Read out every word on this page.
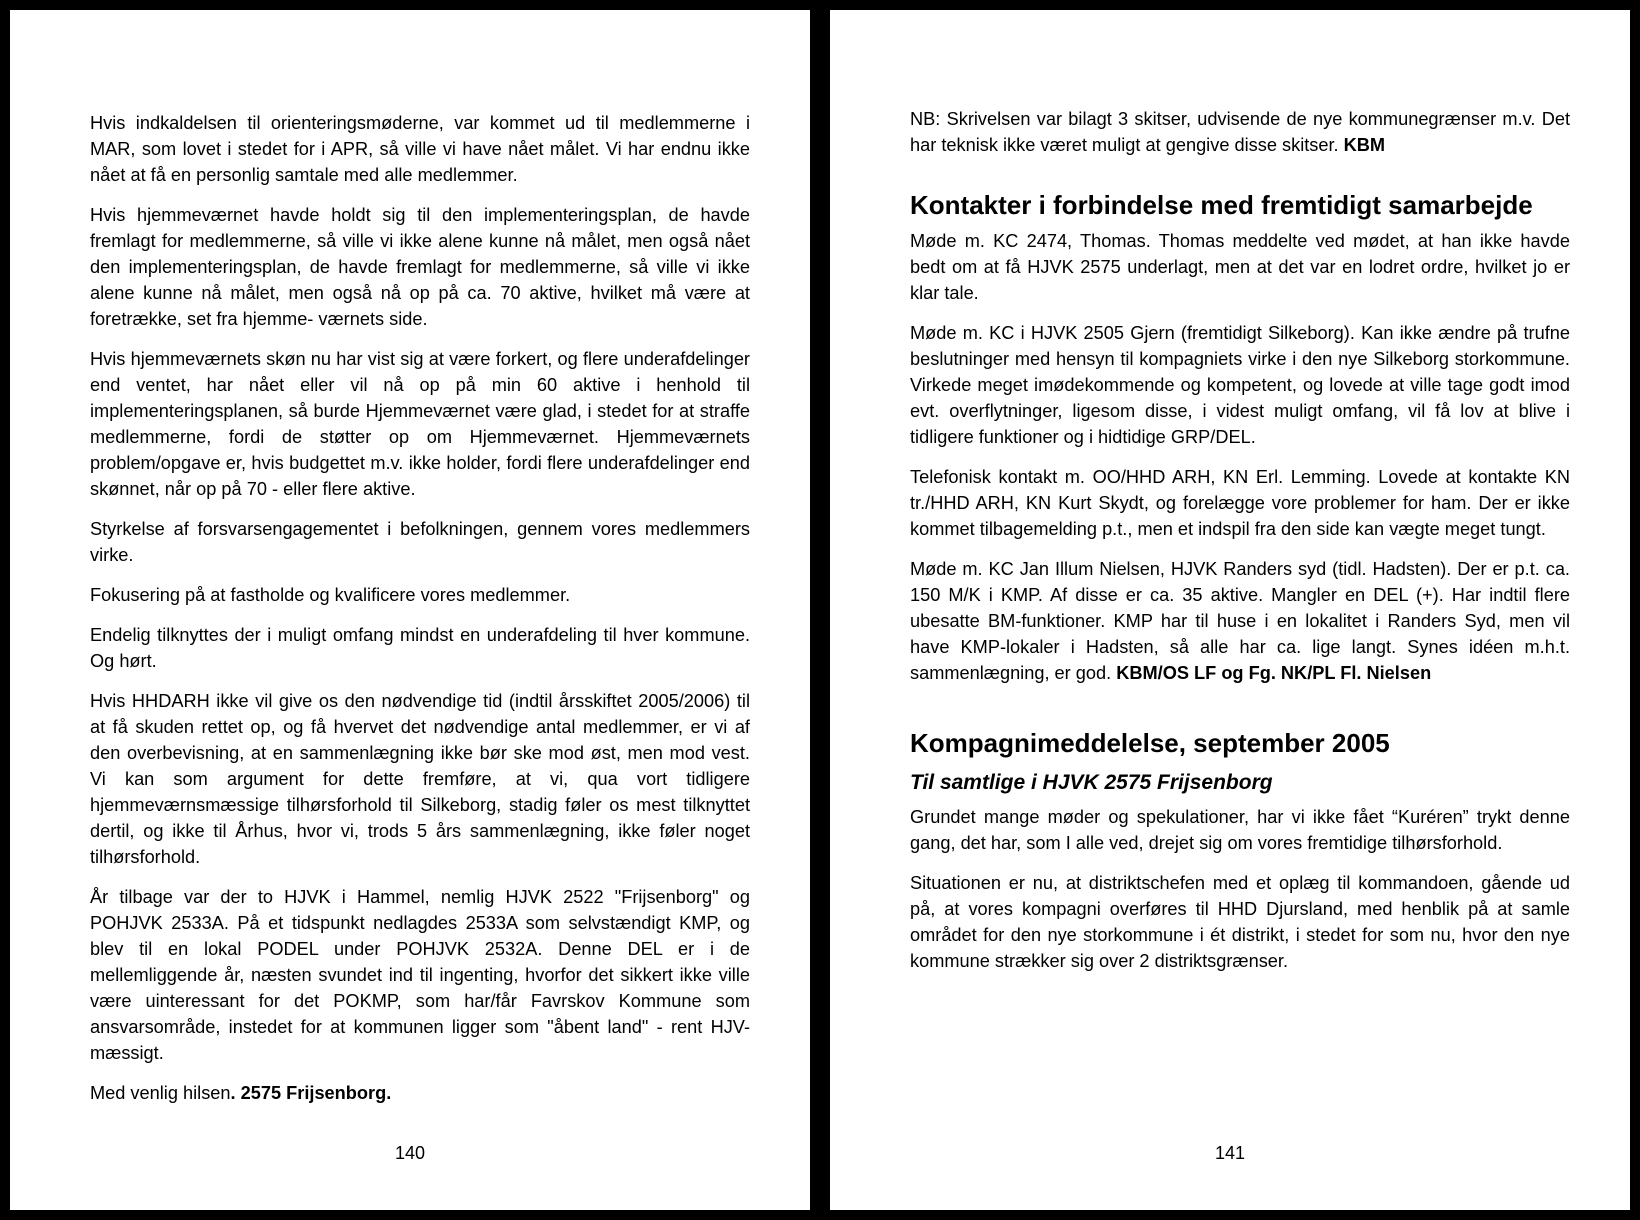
Hvis indkaldelsen til orienteringsmøderne, var kommet ud til medlemmerne i MAR, som lovet i stedet for i APR, så ville vi have nået målet. Vi har endnu ikke nået at få en personlig samtale med alle medlemmer.

Hvis hjemmeværnet havde holdt sig til den implementeringsplan, de havde fremlagt for medlemmerne, så ville vi ikke alene kunne nå målet, men også nået den implementeringsplan, de havde fremlagt for medlemmerne, så ville vi ikke alene kunne nå målet, men også nå op på ca. 70 aktive, hvilket må være at foretrække, set fra hjemme- værnets side.

Hvis hjemmeværnets skøn nu har vist sig at være forkert, og flere underafdelinger end ventet, har nået eller vil nå op på min 60 aktive i henhold til implementeringsplanen, så burde Hjemmeværnet være glad, i stedet for at straffe medlemmerne, fordi de støtter op om Hjemmeværnet. Hjemmeværnets problem/opgave er, hvis budgettet m.v. ikke holder, fordi flere underafdelinger end skønnet, når op på 70 - eller flere aktive.

Styrkelse af forsvarsengagementet i befolkningen, gennem vores medlemmers virke.

Fokusering på at fastholde og kvalificere vores medlemmer.

Endelig tilknyttes der i muligt omfang mindst en underafdeling til hver kommune. Og hørt.

Hvis HHDARH ikke vil give os den nødvendige tid (indtil årsskiftet 2005/2006) til at få skuden rettet op, og få hvervet det nødvendige antal medlemmer, er vi af den overbevisning, at en sammenlægning ikke bør ske mod øst, men mod vest. Vi kan som argument for dette fremføre, at vi, qua vort tidligere hjemmeværnsmæssige tilhørsforhold til Silkeborg, stadig føler os mest tilknyttet dertil, og ikke til Århus, hvor vi, trods 5 års sammenlægning, ikke føler noget tilhørsforhold.

År tilbage var der to HJVK i Hammel, nemlig HJVK 2522 "Frijsenborg" og POHJVK 2533A. På et tidspunkt nedlagdes 2533A som selvstændigt KMP, og blev til en lokal PODEL under POHJVK 2532A. Denne DEL er i de mellemliggende år, næsten svundet ind til ingenting, hvorfor det sikkert ikke ville være uinteressant for det POKMP, som har/får Favrskov Kommune som ansvarsområde, instedet for at kommunen ligger som "åbent land" - rent HJV-mæssigt.

Med venlig hilsen. 2575 Frijsenborg.

140

NB: Skrivelsen var bilagt 3 skitser, udvisende de nye kommunegrænser m.v. Det har teknisk ikke været muligt at gengive disse skitser. KBM

Kontakter i forbindelse med fremtidigt samarbejde

Møde m. KC 2474, Thomas. Thomas meddelte ved mødet, at han ikke havde bedt om at få HJVK 2575 underlagt, men at det var en lodret ordre, hvilket jo er klar tale.

Møde m. KC i HJVK 2505 Gjern (fremtidigt Silkeborg). Kan ikke ændre på trufne beslutninger med hensyn til kompagniets virke i den nye Silkeborg storkommune. Virkede meget imødekommende og kompetent, og lovede at ville tage godt imod evt. overflytninger, ligesom disse, i videst muligt omfang, vil få lov at blive i tidligere funktioner og i hidtidige GRP/DEL.

Telefonisk kontakt m. OO/HHD ARH, KN Erl. Lemming. Lovede at kontakte KN tr./HHD ARH, KN Kurt Skydt, og forelægge vore problemer for ham. Der er ikke kommet tilbagemelding p.t., men et indspil fra den side kan vægte meget tungt.

Møde m. KC Jan Illum Nielsen, HJVK Randers syd (tidl. Hadsten). Der er p.t. ca. 150 M/K i KMP. Af disse er ca. 35 aktive. Mangler en DEL (+). Har indtil flere ubesatte BM-funktioner. KMP har til huse i en lokalitet i Randers Syd, men vil have KMP-lokaler i Hadsten, så alle har ca. lige langt. Synes idéen m.h.t. sammenlægning, er god. KBM/OS LF og Fg. NK/PL Fl. Nielsen

Kompagnimeddelelse, september 2005
Til samtlige i HJVK 2575 Frijsenborg

Grundet mange møder og spekulationer, har vi ikke fået “Kuréren” trykt denne gang, det har, som I alle ved, drejet sig om vores fremtidige tilhørsforhold.

Situationen er nu, at distriktschefen med et oplæg til kommandoen, gående ud på, at vores kompagni overføres til HHD Djursland, med henblik på at samle området for den nye storkommune i ét distrikt, i stedet for som nu, hvor den nye kommune strækker sig over 2 distriktsgrænser.

141
